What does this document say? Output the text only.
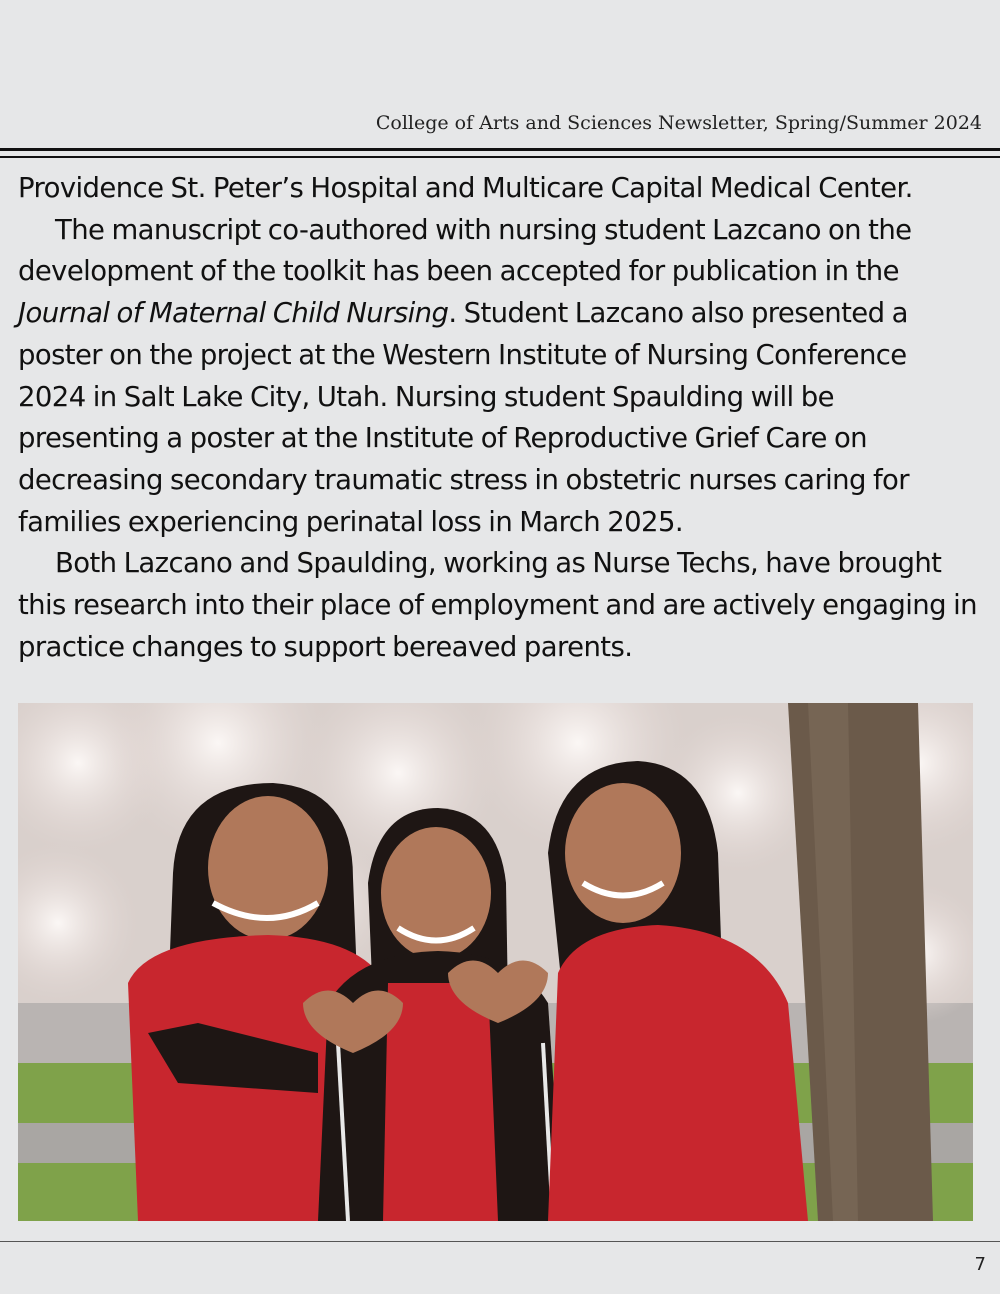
College of Arts and Sciences Newsletter, Spring/Summer 2024

Providence St. Peter’s Hospital and Multicare Capital Medical Center.

The manuscript co-authored with nursing student Lazcano on the development of the toolkit has been accepted for publication in the Journal of Maternal Child Nursing. Student Lazcano also presented a poster on the project at the Western Institute of Nursing Conference 2024 in Salt Lake City, Utah. Nursing student Spaulding will be presenting a poster at the Institute of Reproductive Grief Care on decreasing secondary traumatic stress in obstetric nurses caring for families experiencing perinatal loss in March 2025.

Both Lazcano and Spaulding, working as Nurse Techs, have brought this research into their place of employment and are actively engaging in practice changes to support bereaved parents.

7
